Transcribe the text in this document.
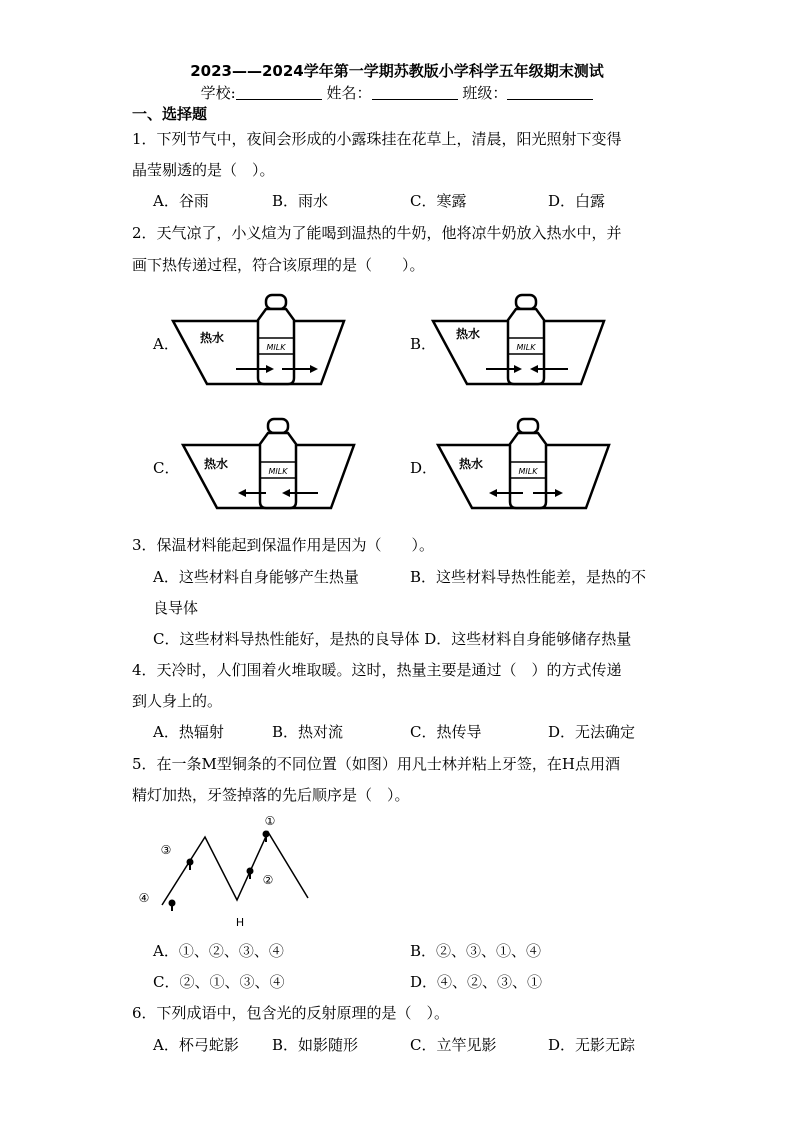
2023——2024学年第一学期苏教版小学科学五年级期末测试
学校:	姓名：	班级：
一、选择题
1．下列节气中，夜间会形成的小露珠挂在花草上，清晨，阳光照射下变得
晶莹剔透的是（　）。
A．谷雨	B．雨水	C．寒露	D．白露
2．天气凉了，小义煊为了能喝到温热的牛奶，他将凉牛奶放入热水中，并
画下热传递过程，符合该原理的是（　　）。
A．	B．
C．	D．
热水
MILK
热水
MILK
热水
MILK
热水
MILK
3．保温材料能起到保温作用是因为（　　）。
A．这些材料自身能够产生热量	B．这些材料导热性能差，是热的不
良导体
C．这些材料导热性能好，是热的良导体 D．这些材料自身能够储存热量
4．天冷时，人们围着火堆取暖。这时，热量主要是通过（　）的方式传递
到人身上的。
A．热辐射	B．热对流	C．热传导	D．无法确定
5．在一条M型铜条的不同位置（如图）用凡士林并粘上牙签，在H点用酒
精灯加热，牙签掉落的先后顺序是（　）。
①
②
③
④
H
A．①、②、③、④	B．②、③、①、④
C．②、①、③、④	D．④、②、③、①
6．下列成语中，包含光的反射原理的是（　）。
A．杯弓蛇影 B．如影随形	C．立竿见影	D．无影无踪
